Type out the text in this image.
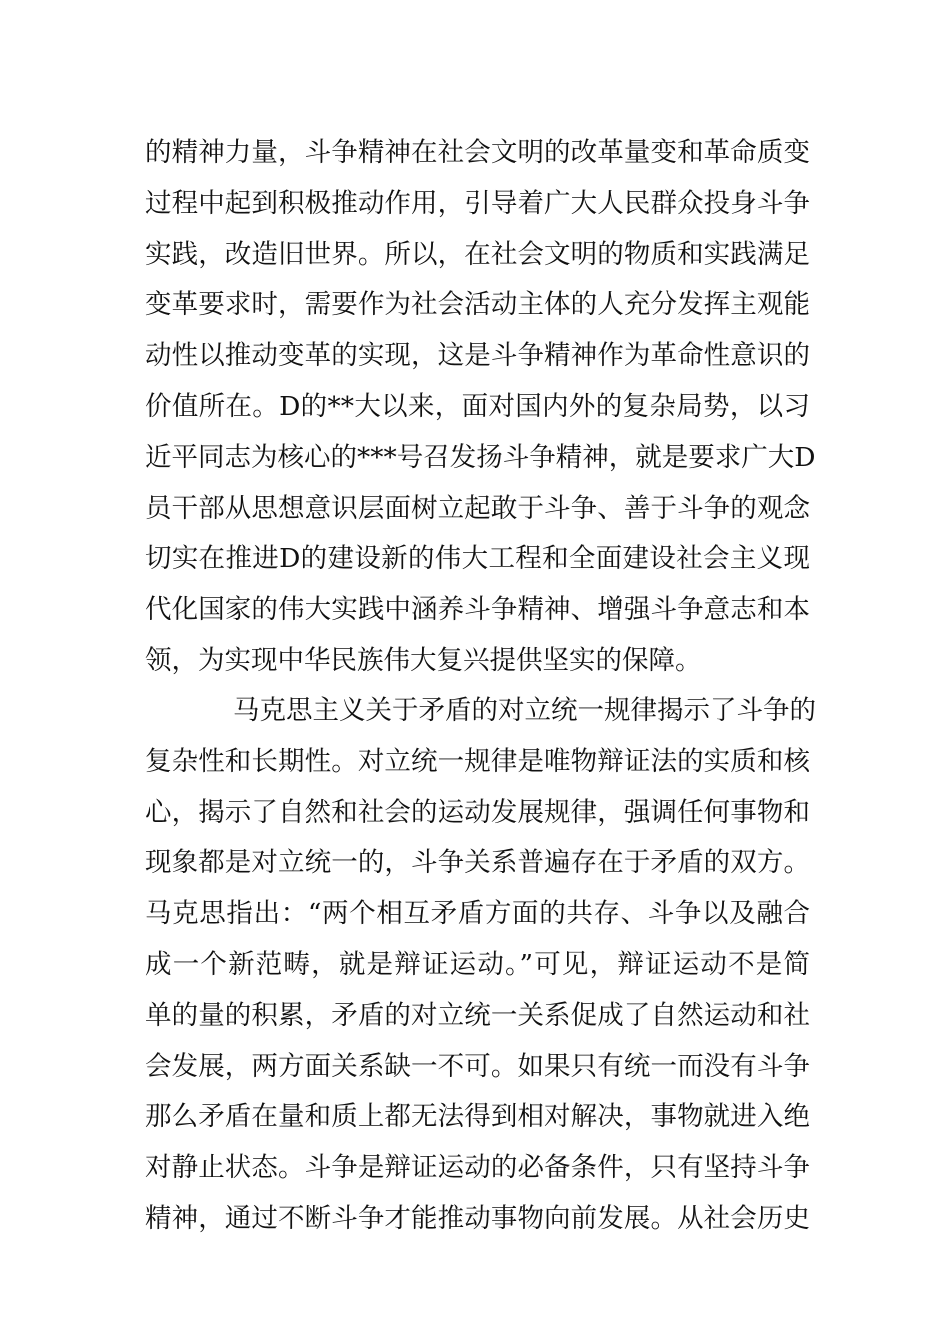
的精神力量，斗争精神在社会文明的改革量变和革命质变
过程中起到积极推动作用，引导着广大人民群众投身斗争
实践，改造旧世界。所以，在社会文明的物质和实践满足
变革要求时，需要作为社会活动主体的人充分发挥主观能
动性以推动变革的实现，这是斗争精神作为革命性意识的
价值所在。D的**大以来，面对国内外的复杂局势，以习
近平同志为核心的***号召发扬斗争精神，就是要求广大D
员干部从思想意识层面树立起敢于斗争、善于斗争的观念
切实在推进D的建设新的伟大工程和全面建设社会主义现
代化国家的伟大实践中涵养斗争精神、增强斗争意志和本
领，为实现中华民族伟大复兴提供坚实的保障。
马克思主义关于矛盾的对立统一规律揭示了斗争的
复杂性和长期性。对立统一规律是唯物辩证法的实质和核
心，揭示了自然和社会的运动发展规律，强调任何事物和
现象都是对立统一的，斗争关系普遍存在于矛盾的双方。
马克思指出：“两个相互矛盾方面的共存、斗争以及融合
成一个新范畴，就是辩证运动。”可见，辩证运动不是简
单的量的积累，矛盾的对立统一关系促成了自然运动和社
会发展，两方面关系缺一不可。如果只有统一而没有斗争
那么矛盾在量和质上都无法得到相对解决，事物就进入绝
对静止状态。斗争是辩证运动的必备条件，只有坚持斗争
精神，通过不断斗争才能推动事物向前发展。从社会历史
